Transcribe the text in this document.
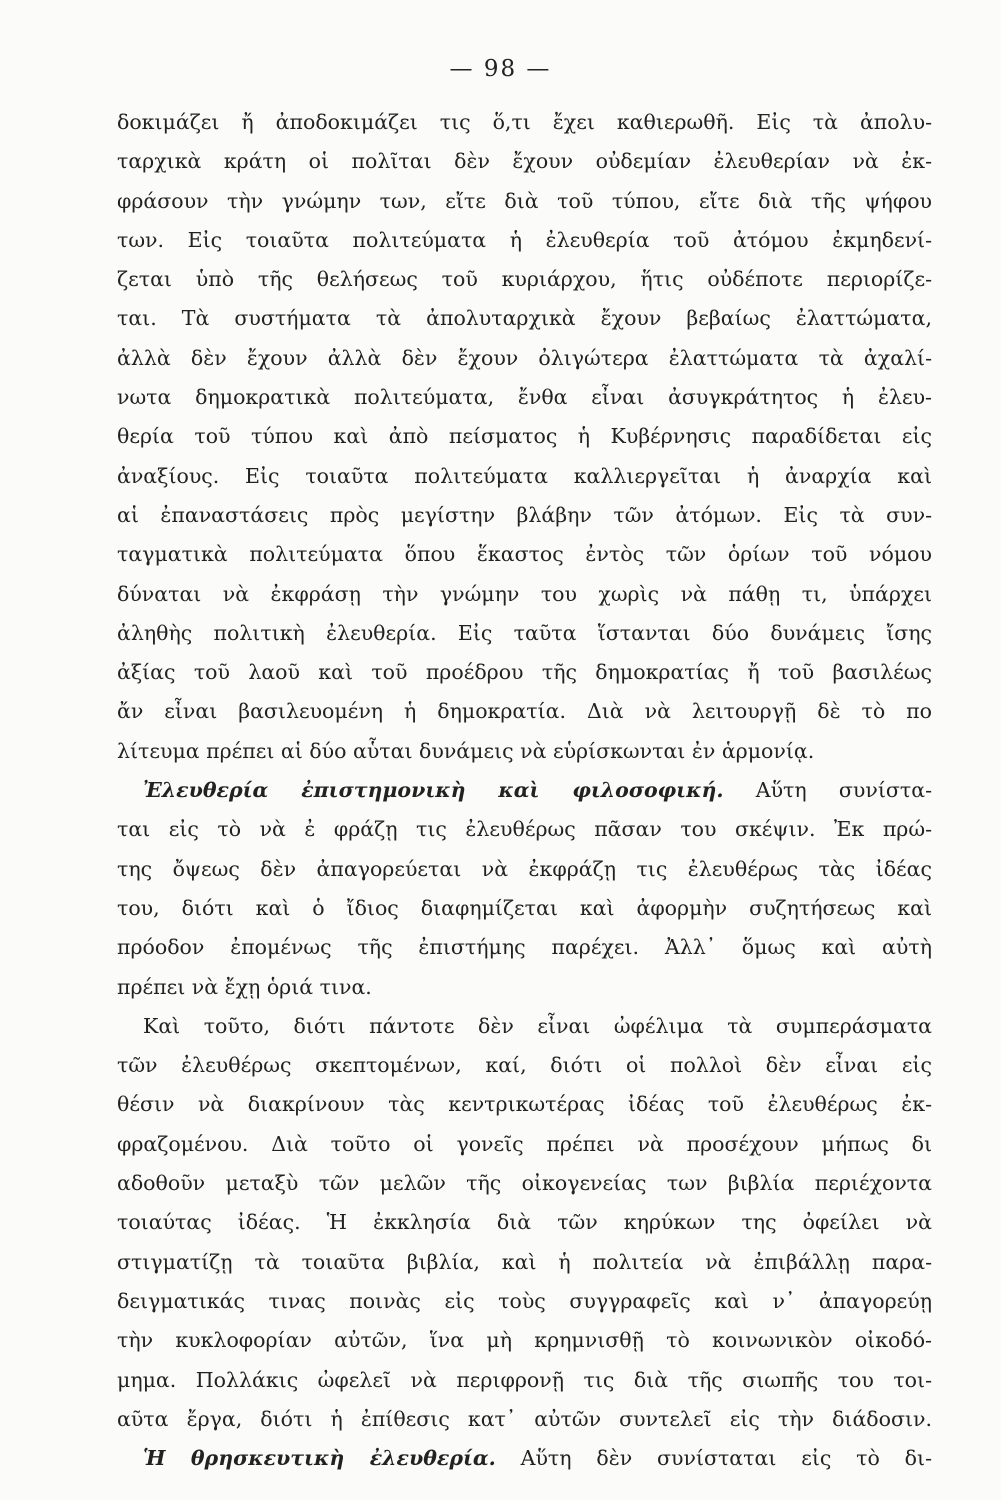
— 98 —
δοκιμάζει ἤ ἀποδοκιμάζει τις ὅ,τι ἔχει καθιερωθῆ. Εἰς τὰ ἀπολυ-
ταρχικὰ κράτη οἱ πολῖται δὲν ἔχουν οὐδεμίαν ἐλευθερίαν νὰ ἐκ-
φράσουν τὴν γνώμην των, εἴτε διὰ τοῦ τύπου, εἴτε διὰ τῆς ψήφου
των. Εἰς τοιαῦτα πολιτεύματα ἡ ἐλευθερία τοῦ ἀτόμου ἐκμηδενί-
ζεται ὑπὸ τῆς θελήσεως τοῦ κυριάρχου, ἥτις οὐδέποτε περιορίζε-
ται. Τὰ συστήματα τὰ ἀπολυταρχικὰ ἔχουν βεβαίως ἐλαττώματα,
ἀλλὰ δὲν ἔχουν ἀλλὰ δὲν ἔχουν ὀλιγώτερα ἐλαττώματα τὰ ἀχαλί-
νωτα δημοκρατικὰ πολιτεύματα, ἔνθα εἶναι ἀσυγκράτητος ἡ ἐλευ-
θερία τοῦ τύπου καὶ ἀπὸ πείσματος ἡ Κυβέρνησις παραδίδεται εἰς
ἀναξίους. Εἰς τοιαῦτα πολιτεύματα καλλιεργεῖται ἡ ἀναρχία καὶ
αἱ ἐπαναστάσεις πρὸς μεγίστην βλάβην τῶν ἀτόμων. Εἰς τὰ συν-
ταγματικὰ πολιτεύματα ὅπου ἕκαστος ἐντὸς τῶν ὁρίων τοῦ νόμου
δύναται νὰ ἐκφράσῃ τὴν γνώμην του χωρὶς νὰ πάθῃ τι, ὑπάρχει
ἀληθὴς πολιτικὴ ἐλευθερία. Εἰς ταῦτα ἵστανται δύο δυνάμεις ἴσης
ἀξίας τοῦ λαοῦ καὶ τοῦ προέδρου τῆς δημοκρατίας ἤ τοῦ βασιλέως
ἄν εἶναι βασιλευομένη ἡ δημοκρατία. Διὰ νὰ λειτουργῇ δὲ τὸ πο
λίτευμα πρέπει αἱ δύο αὗται δυνάμεις νὰ εὑρίσκωνται ἐν ἁρμονίᾳ.
Ἐλευθερία ἐπιστημονικὴ καὶ φιλοσοφική. Αὕτη συνίστα-
ται εἰς τὸ νὰ ἐ φράζῃ τις ἐλευθέρως πᾶσαν του σκέψιν. Ἐκ πρώ-
της ὄψεως δὲν ἀπαγορεύεται νὰ ἐκφράζῃ τις ἐλευθέρως τὰς ἰδέας
του, διότι καὶ ὁ ἴδιος διαφημίζεται καὶ ἀφορμὴν συζητήσεως καὶ
πρόοδον ἐπομένως τῆς ἐπιστήμης παρέχει. Ἀλλ᾽ ὅμως καὶ αὐτὴ
πρέπει νὰ ἔχῃ ὁριά τινα.
Καὶ τοῦτο, διότι πάντοτε δὲν εἶναι ὠφέλιμα τὰ συμπεράσματα
τῶν ἐλευθέρως σκεπτομένων, καί, διότι οἱ πολλοὶ δὲν εἶναι εἰς
θέσιν νὰ διακρίνουν τὰς κεντρικωτέρας ἰδέας τοῦ ἐλευθέρως ἐκ-
φραζομένου. Διὰ τοῦτο οἱ γονεῖς πρέπει νὰ προσέχουν μήπως δι
αδοθοῦν μεταξὺ τῶν μελῶν τῆς οἰκογενείας των βιβλία περιέχοντα
τοιαύτας ἰδέας. Ἡ ἐκκλησία διὰ τῶν κηρύκων της ὀφείλει νὰ
στιγματίζῃ τὰ τοιαῦτα βιβλία, καὶ ἡ πολιτεία νὰ ἐπιβάλλῃ παρα-
δειγματικάς τινας ποινὰς εἰς τοὺς συγγραφεῖς καὶ ν᾽ ἀπαγορεύῃ
τὴν κυκλοφορίαν αὐτῶν, ἵνα μὴ κρημνισθῇ τὸ κοινωνικὸν οἰκοδό-
μημα. Πολλάκις ὠφελεῖ νὰ περιφρονῇ τις διὰ τῆς σιωπῆς του τοι-
αῦτα ἔργα, διότι ἡ ἐπίθεσις κατ᾽ αὐτῶν συντελεῖ εἰς τὴν διάδοσιν.
Ἡ θρησκευτικὴ ἐλευθερία. Αὕτη δὲν συνίσταται εἰς τὸ δι-
